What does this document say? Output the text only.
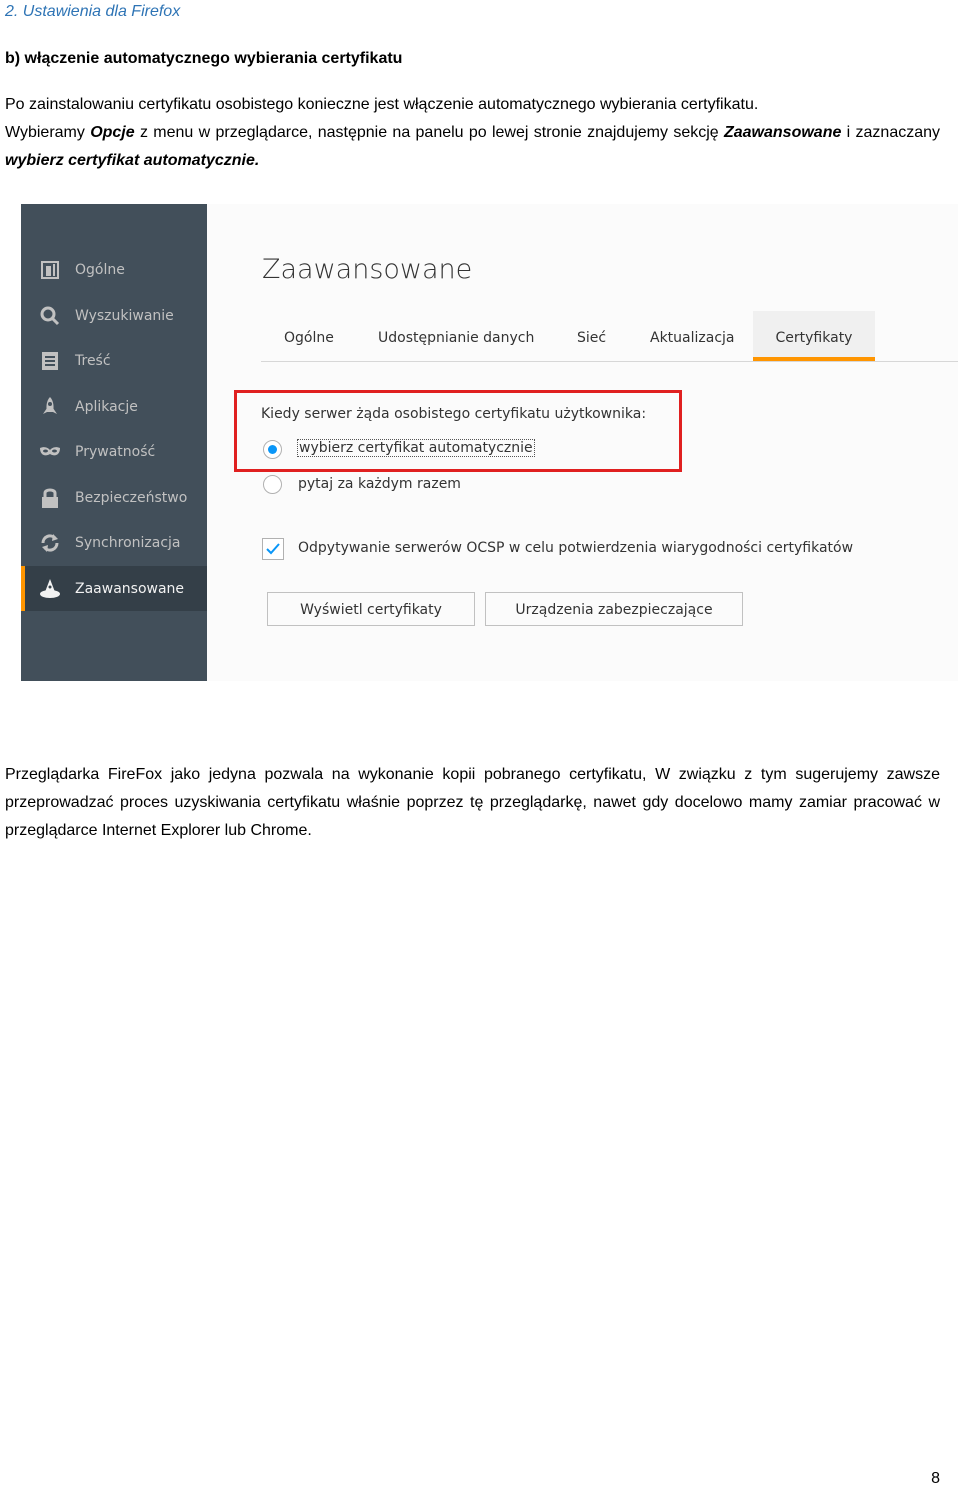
2. Ustawienia dla Firefox
b) włączenie automatycznego wybierania certyfikatu
Po zainstalowaniu certyfikatu osobistego konieczne jest włączenie automatycznego wybierania certyfikatu.
Wybieramy Opcje z menu w przeglądarce, następnie na panelu po lewej stronie znajdujemy sekcję Zaawansowane i zaznaczany wybierz certyfikat automatycznie.
Ogólne
Wyszukiwanie
Treść
Aplikacje
Prywatność
Bezpieczeństwo
Synchronizacja
Zaawansowane
Zaawansowane
Ogólne	Udostępnianie danych	Sieć	Aktualizacja	Certyfikaty
Kiedy serwer żąda osobistego certyfikatu użytkownika:
wybierz certyfikat automatycznie
pytaj za każdym razem
Odpytywanie serwerów OCSP w celu potwierdzenia wiarygodności certyfikatów
Wyświetl certyfikaty	Urządzenia zabezpieczające
Przeglądarka FireFox jako jedyna pozwala na wykonanie kopii pobranego certyfikatu, W związku z tym sugerujemy zawsze przeprowadzać proces uzyskiwania certyfikatu właśnie poprzez tę przeglądarkę, nawet gdy docelowo mamy zamiar pracować w przeglądarce Internet Explorer lub Chrome.
8
